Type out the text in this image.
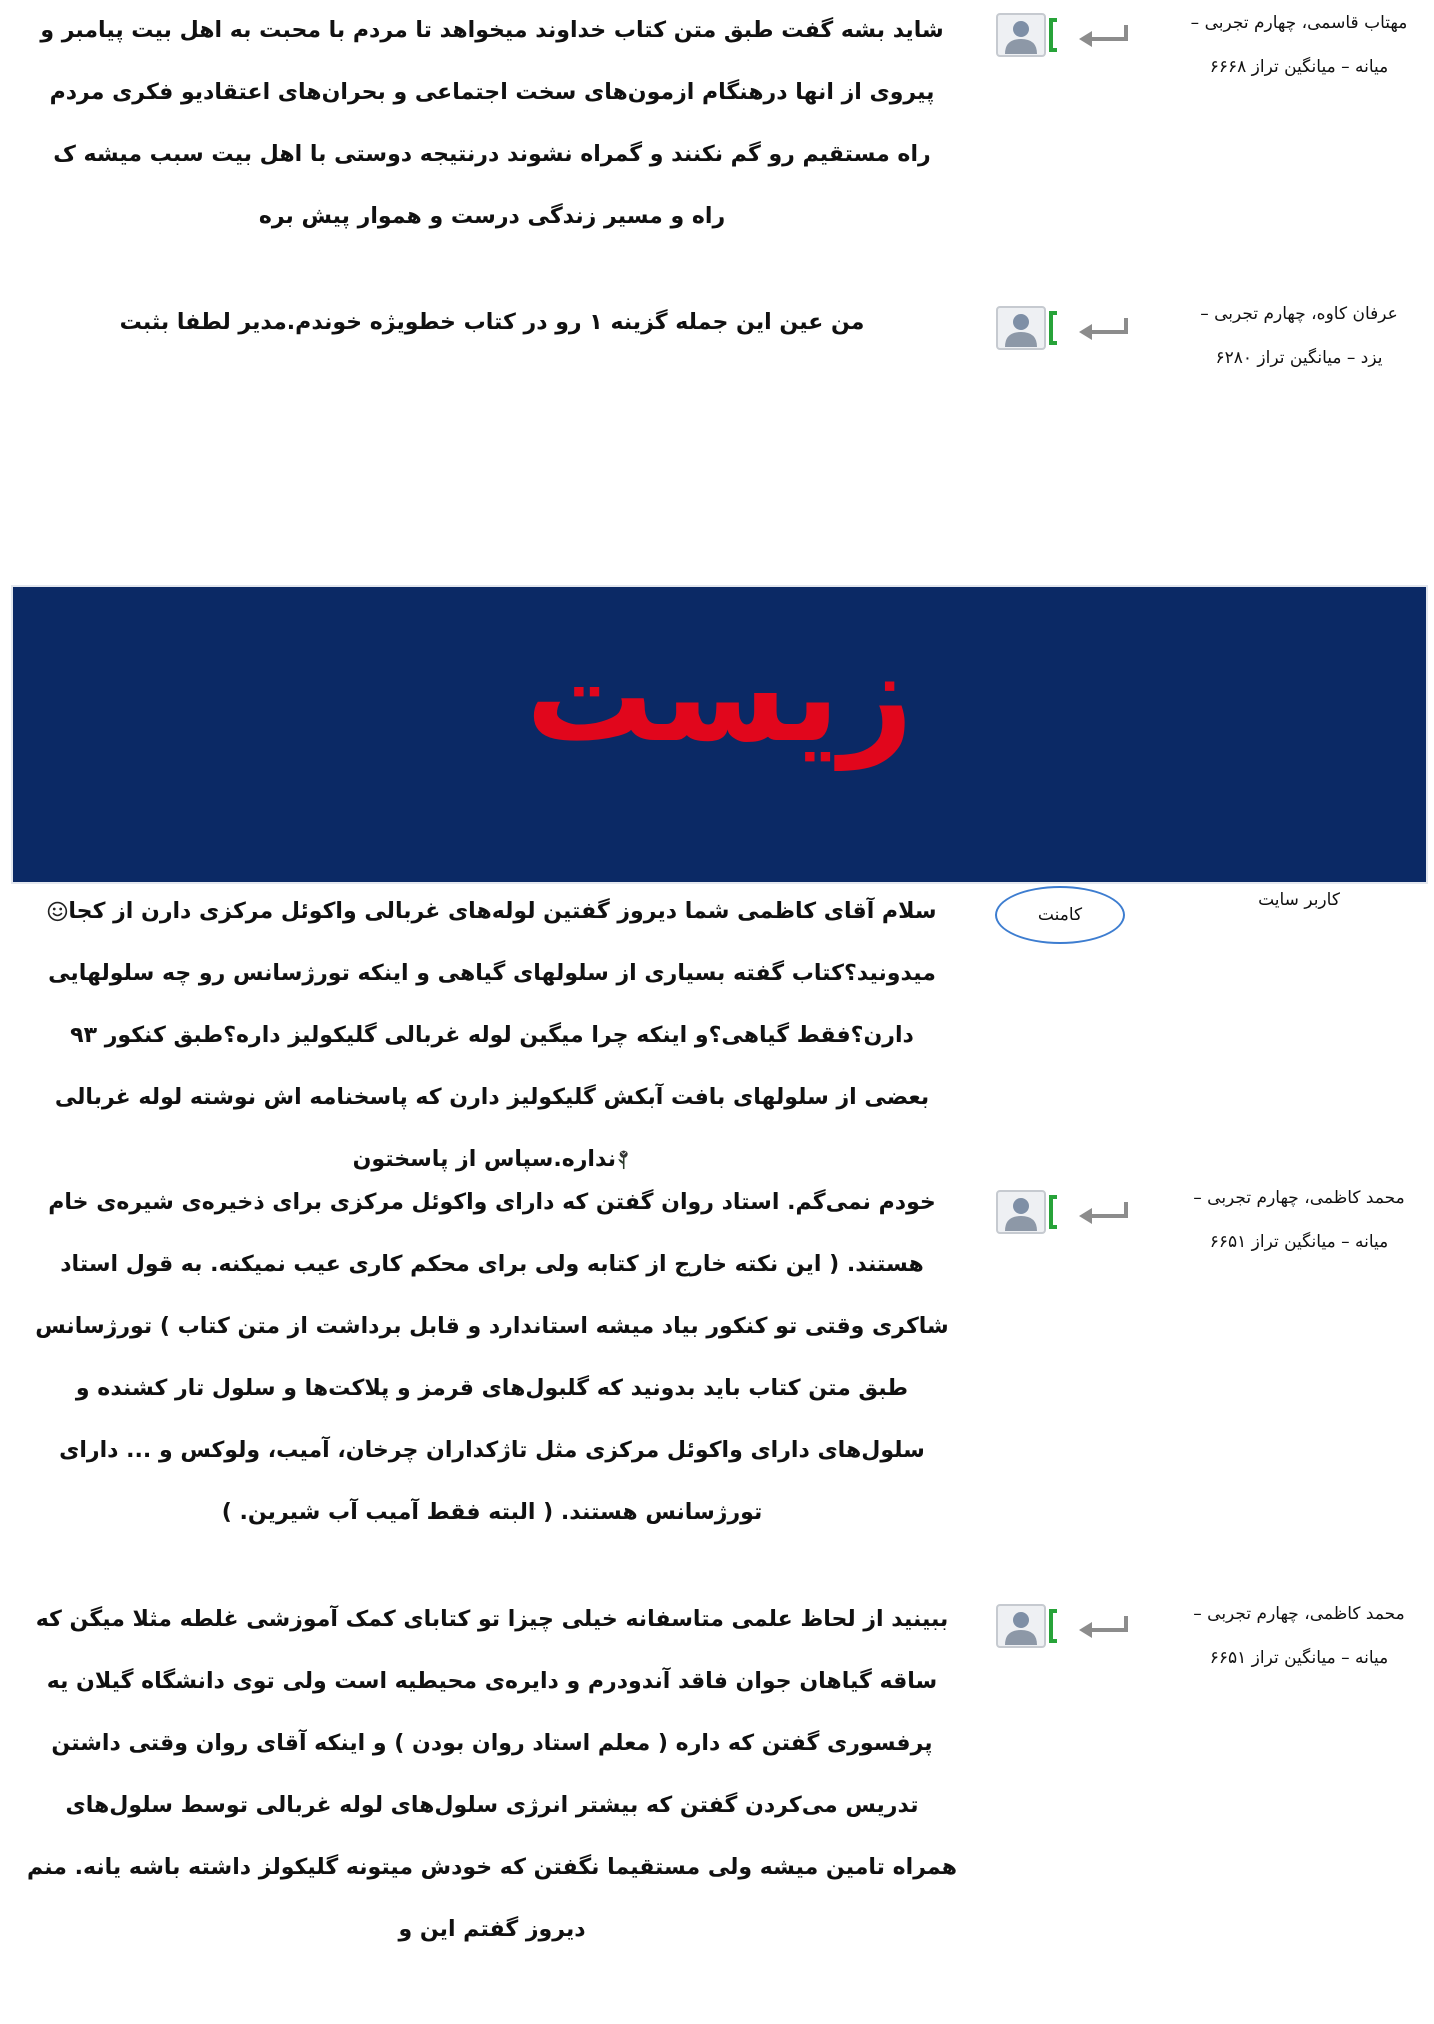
مهتاب قاسمی، چهارم تجربی –
میانه – میانگین تراز ۶۶۶۸
شاید بشه گفت طبق متن کتاب خداوند میخواهد تا مردم با محبت به اهل بیت پیامبر و
پیروی از انها درهنگام ازمون‌های سخت اجتماعی و بحران‌های اعتقادیو فکری مردم
راه مستقیم رو گم نکنند و گمراه نشوند درنتیجه دوستی با اهل بیت سبب میشه ک
راه و مسیر زندگی درست و هموار پیش بره
عرفان کاوه، چهارم تجربی –
یزد – میانگین تراز ۶۲۸۰
من عین این جمله گزینه ۱ رو در کتاب خطویژه خوندم.مدیر لطفا بثبت
زیست
کاربر سایت
کامنت
سلام آقای کاظمی شما دیروز گفتین لوله‌های غربالی واکوئل مرکزی دارن از کجا
میدونید؟کتاب گفته بسیاری از سلولهای گیاهی و اینکه تورژسانس رو چه سلولهایی
دارن؟فقط گیاهی؟و اینکه چرا میگین لوله غربالی گلیکولیز داره؟طبق کنکور ۹۳
بعضی از سلولهای بافت آبکش گلیکولیز دارن که پاسخنامه اش نوشته لوله غربالی
نداره.سپاس از پاسختون
محمد کاظمی، چهارم تجربی –
میانه – میانگین تراز ۶۶۵۱
خودم نمی‌گم. استاد روان گفتن که دارای واکوئل مرکزی برای ذخیره‌ی شیره‌ی خام
هستند. ( این نکته خارج از کتابه ولی برای محکم کاری عیب نمیکنه. به قول استاد
شاکری وقتی تو کنکور بیاد میشه استاندارد و قابل برداشت از متن کتاب ) تورژسانس
طبق متن کتاب باید بدونید که گلبول‌های قرمز و پلاکت‌ها و سلول تار کشنده و
سلول‌های دارای واکوئل مرکزی مثل تاژکداران چرخان، آمیب، ولوکس و ... دارای
تورژسانس هستند. ( البته فقط آمیب آب شیرین. )
محمد کاظمی، چهارم تجربی –
میانه – میانگین تراز ۶۶۵۱
ببینید از لحاظ علمی متاسفانه خیلی چیزا تو کتابای کمک آموزشی غلطه مثلا میگن که
ساقه گیاهان جوان فاقد آندودرم و دایره‌ی محیطیه است ولی توی دانشگاه گیلان یه
پرفسوری گفتن که داره ( معلم استاد روان بودن ) و اینکه آقای روان وقتی داشتن
تدریس می‌کردن گفتن که بیشتر انرژی سلول‌های لوله غربالی توسط سلول‌های
همراه تامین میشه ولی مستقیما نگفتن که خودش میتونه گلیکولز داشته باشه یانه. منم
دیروز گفتم این و
